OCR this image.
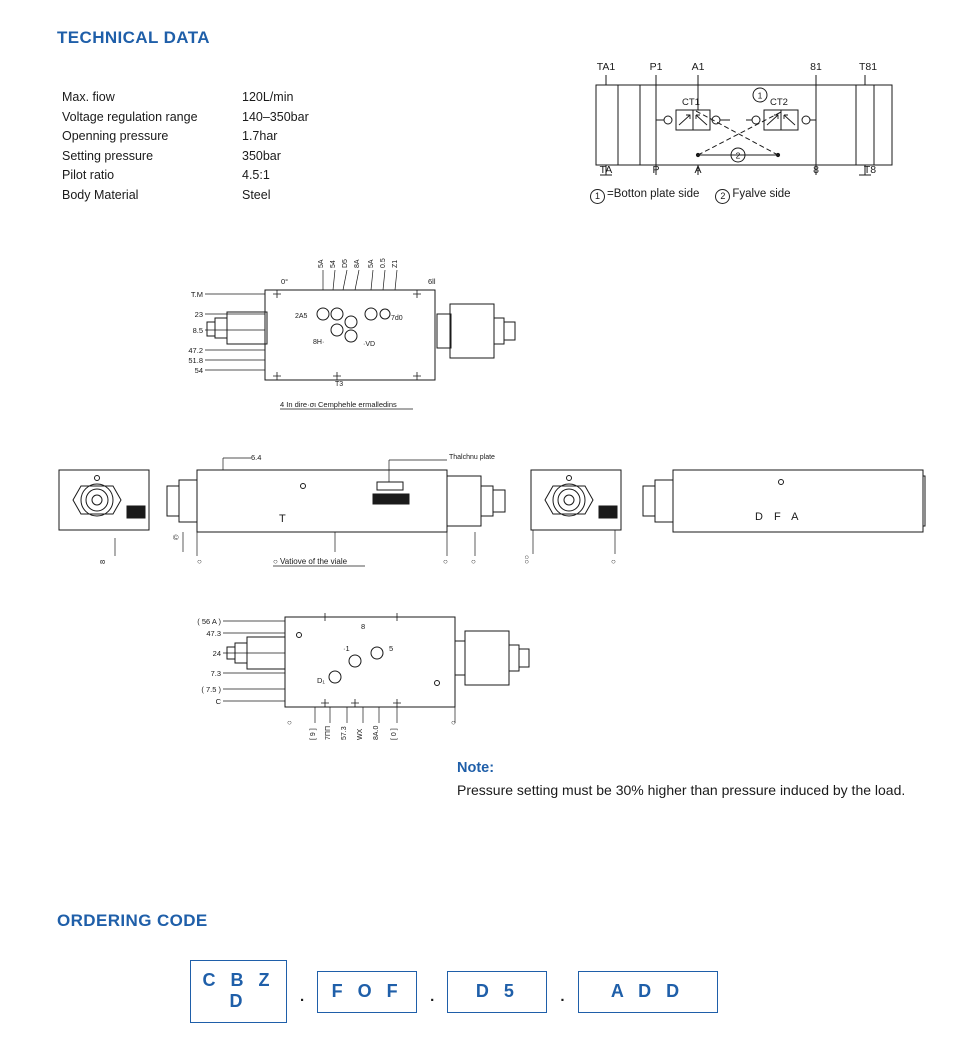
TECHNICAL DATA
Max. fiow	120L/min
Voltage regulation range	140–350bar
Openning pressure	1.7har
Setting pressure	350bar
Pilot ratio	4.5:1
Body Material	Steel
1
2
TA1	P1	A1	81	T81
TA	P	A	8	T8
CT1	CT2
1 =Botton plate side 2 Fyalve side
T.M
23
8.5
47.2
51.8
54
0°
5A 54 D5 8A 5A 0.5 Z1
6ll
2A5
8H·
7d0
·VD
T3
4 In dire·σι Cemphehle ermalledins
6.4	Thalchnu plate
CZI	Hbl
T	D F A
©
8	○ Vatiove of the viale
○	○	○	○○	○
( 56 A )
47.3
24
7.3
( 7.5 )
C
[ 9 ] 7ΠΠ 57.3 WX 8A.0 [ 0 ]
8
·1	5
D₁
○	○
Note:
Pressure setting must be 30% higher than pressure induced by the load.
ORDERING CODE
C B Z D	.	F O F	.	D 5	.	A D D
